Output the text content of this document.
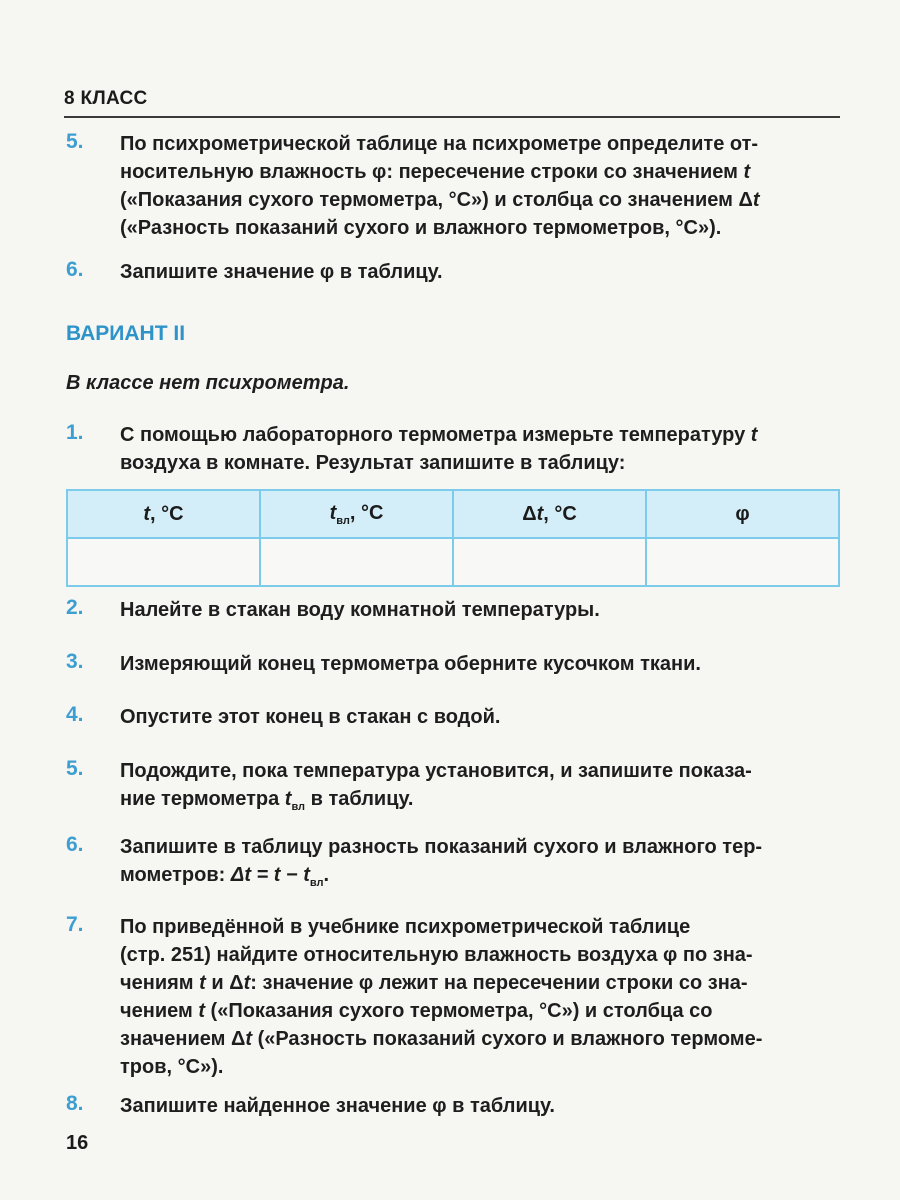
8 КЛАСС
5. По психрометрической таблице на психрометре определите от-
носительную влажность φ: пересечение строки со значением t
(«Показания сухого термометра, °С») и столбца со значением Δt
(«Разность показаний сухого и влажного термометров, °С»).
6. Запишите значение φ в таблицу.
ВАРИАНТ II
В классе нет психрометра.
1. С помощью лабораторного термометра измерьте температуру t
воздуха в комнате. Результат запишите в таблицу:
t, °С	$t_{вл}$, °С	Δt, °С	φ

2. Налейте в стакан воду комнатной температуры.
3. Измеряющий конец термометра оберните кусочком ткани.
4. Опустите этот конец в стакан с водой.
5. Подождите, пока температура установится, и запишите показа-
ние термометра $t_{вл}$ в таблицу.
6. Запишите в таблицу разность показаний сухого и влажного тер-
мометров: $\Delta t = t - t_{вл}$.
7. По приведённой в учебнике психрометрической таблице
(стр. 251) найдите относительную влажность воздуха φ по зна-
чениям t и Δt: значение φ лежит на пересечении строки со зна-
чением t («Показания сухого термометра, °С») и столбца со
значением Δt («Разность показаний сухого и влажного термоме-
тров, °С»).
8. Запишите найденное значение φ в таблицу.
16
